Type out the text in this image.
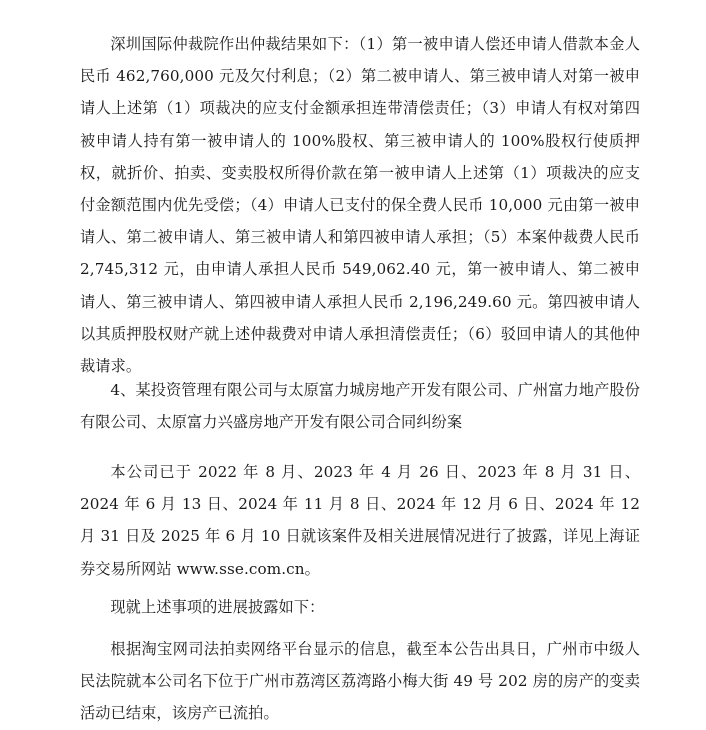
深圳国际仲裁院作出仲裁结果如下：（1）第一被申请人偿还申请人借款本金人民币 462,760,000 元及欠付利息；（2）第二被申请人、第三被申请人对第一被申请人上述第（1）项裁决的应支付金额承担连带清偿责任；（3）申请人有权对第四被申请人持有第一被申请人的 100%股权、第三被申请人的 100%股权行使质押权，就折价、拍卖、变卖股权所得价款在第一被申请人上述第（1）项裁决的应支付金额范围内优先受偿；（4）申请人已支付的保全费人民币 10,000 元由第一被申请人、第二被申请人、第三被申请人和第四被申请人承担；（5）本案仲裁费人民币 2,745,312 元，由申请人承担人民币 549,062.40 元，第一被申请人、第二被申请人、第三被申请人、第四被申请人承担人民币 2,196,249.60 元。第四被申请人以其质押股权财产就上述仲裁费对申请人承担清偿责任；（6）驳回申请人的其他仲裁请求。

4、某投资管理有限公司与太原富力城房地产开发有限公司、广州富力地产股份有限公司、太原富力兴盛房地产开发有限公司合同纠纷案

本公司已于 2022 年 8 月、2023 年 4 月 26 日、2023 年 8 月 31 日、2024 年 6 月 13 日、2024 年 11 月 8 日、2024 年 12 月 6 日、2024 年 12 月 31 日及 2025 年 6 月 10 日就该案件及相关进展情况进行了披露，详见上海证券交易所网站 www.sse.com.cn。

现就上述事项的进展披露如下：

根据淘宝网司法拍卖网络平台显示的信息，截至本公告出具日，广州市中级人民法院就本公司名下位于广州市荔湾区荔湾路小梅大街 49 号 202 房的房产的变卖活动已结束，该房产已流拍。
